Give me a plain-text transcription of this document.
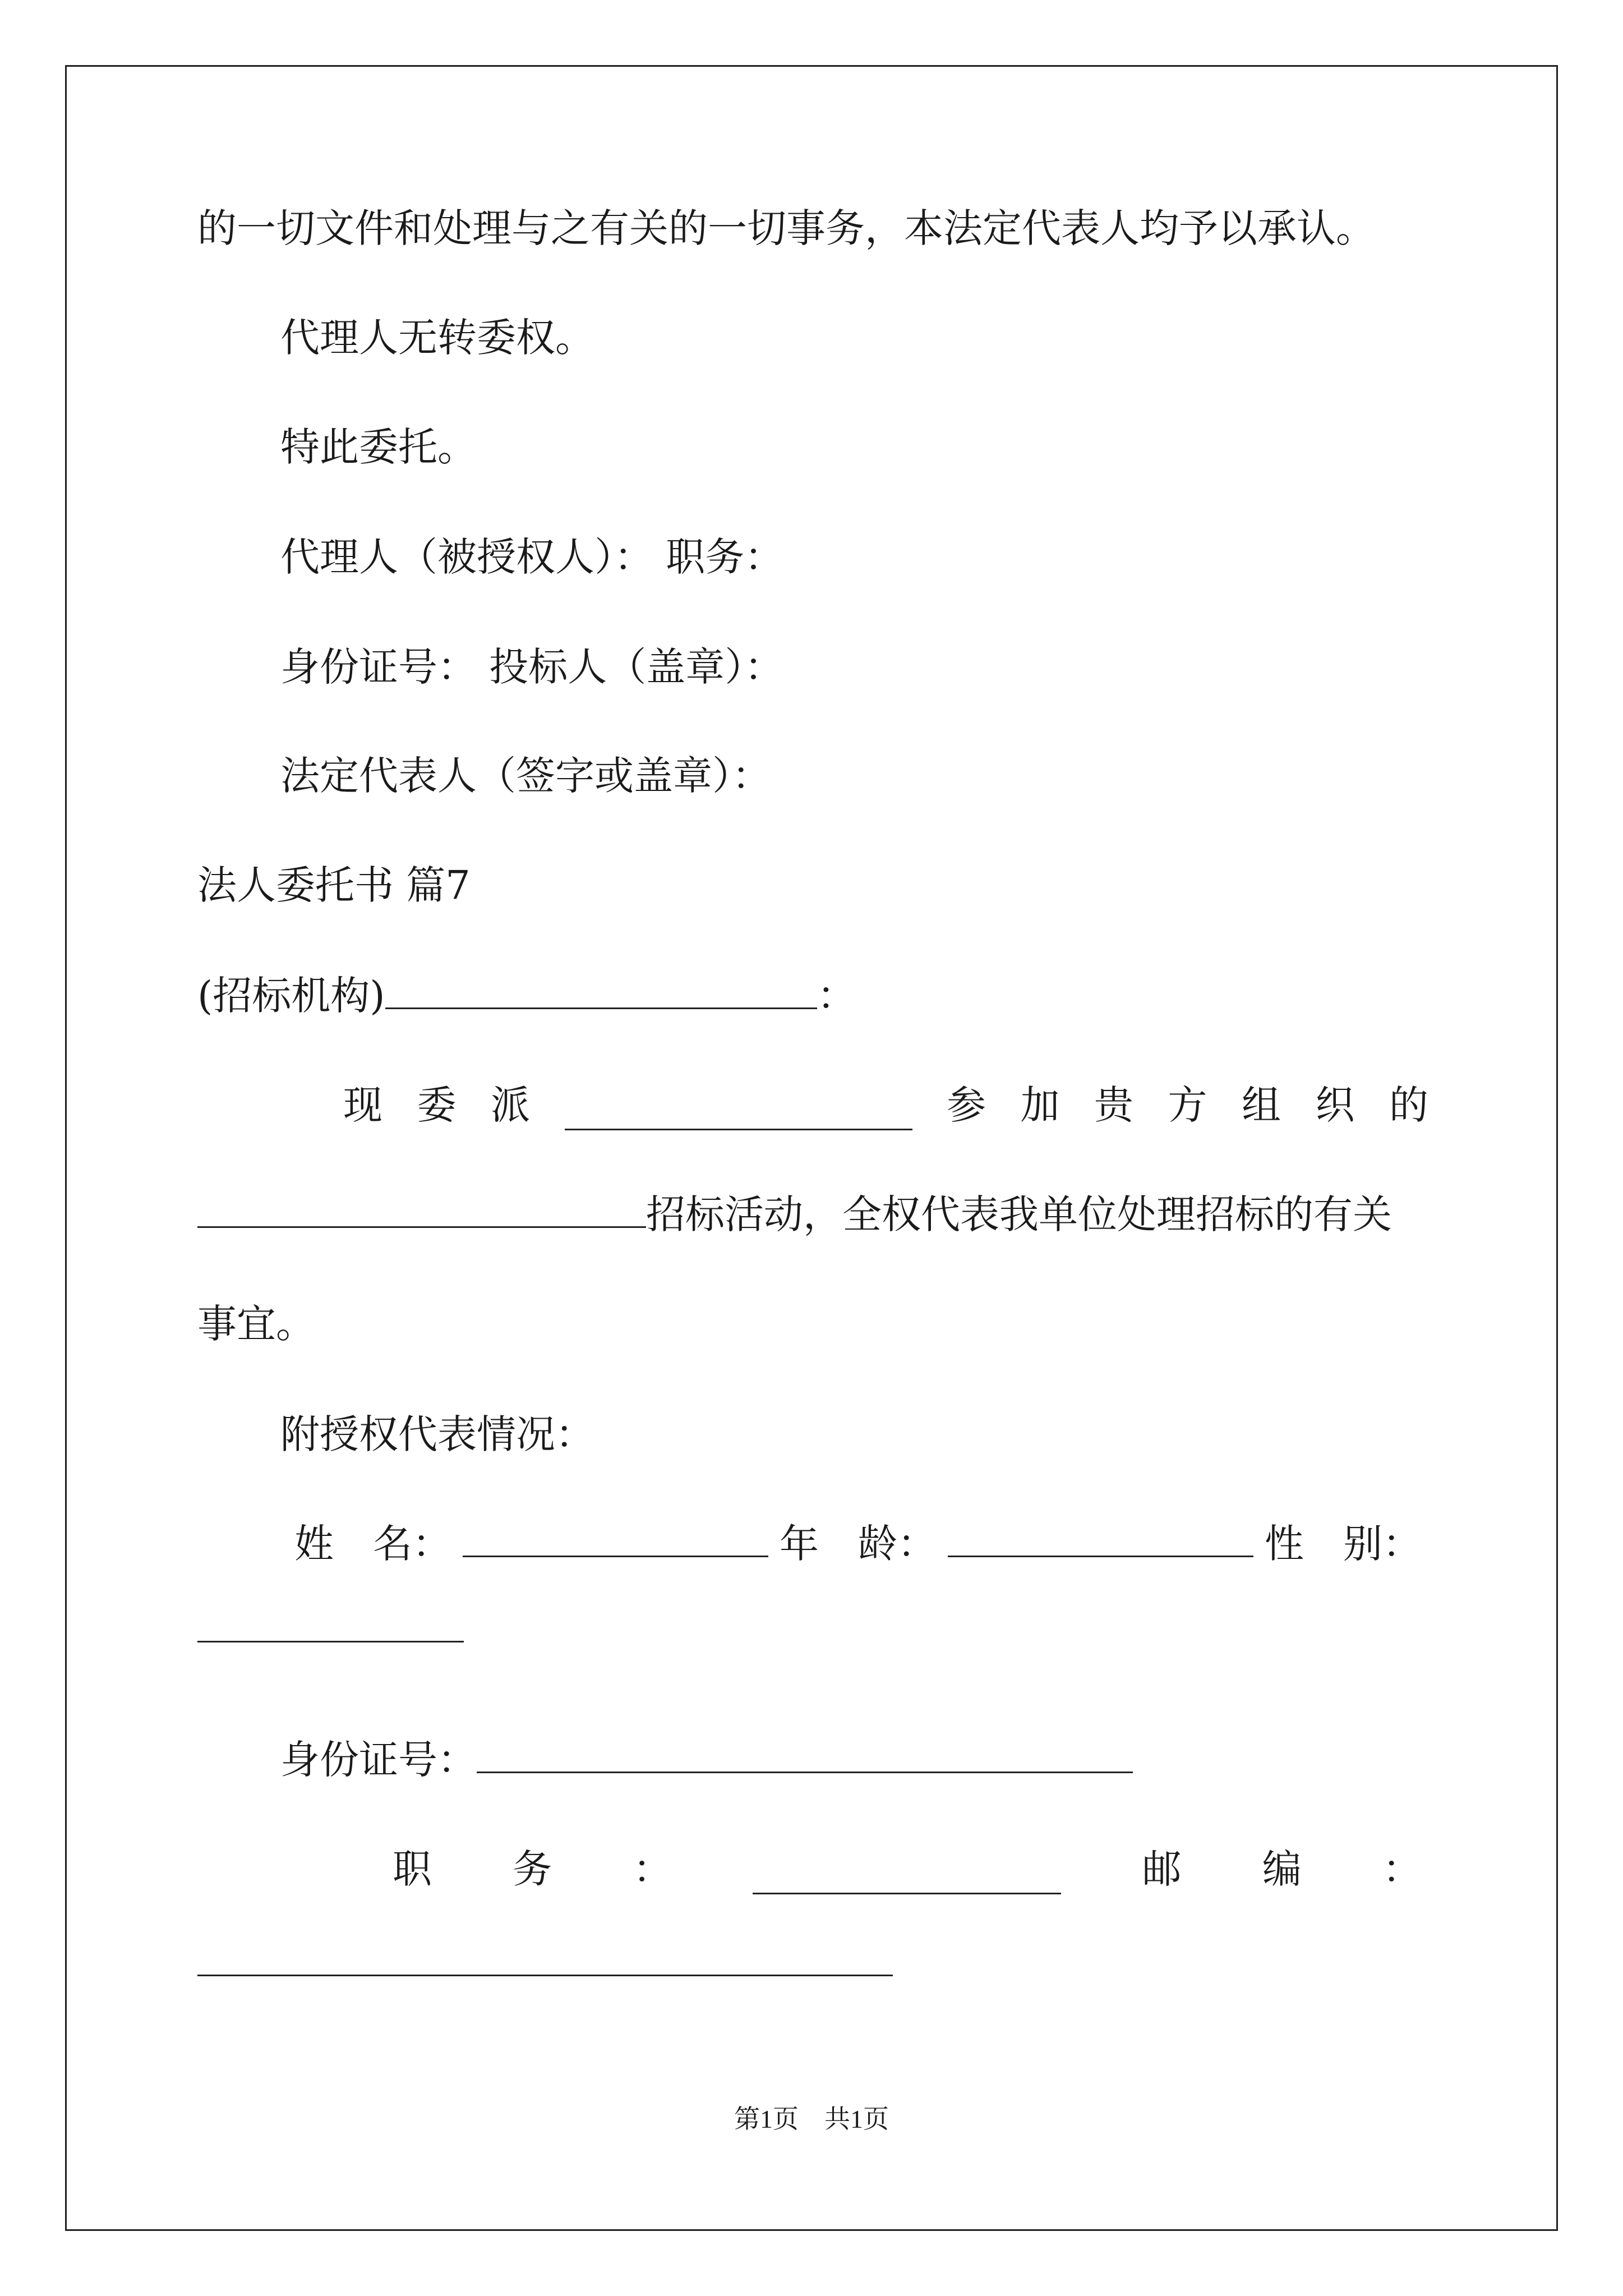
的一切文件和处理与之有关的一切事务，本法定代表人均予以承认。
代理人无转委权。
特此委托。
代理人（被授权人）： 职务：
身份证号： 投标人（盖章）：
法定代表人（签字或盖章）：
法人委托书 篇7
(招标机构)	：
现 委 派	参 加 贵 方 组 织 的
招标活动，全权代表我单位处理招标的有关
事宜。
附授权代表情况：
姓　名：	年　龄：	性　别：
身份证号：
职 务 ：	邮 编 ：
第1页 共1页
